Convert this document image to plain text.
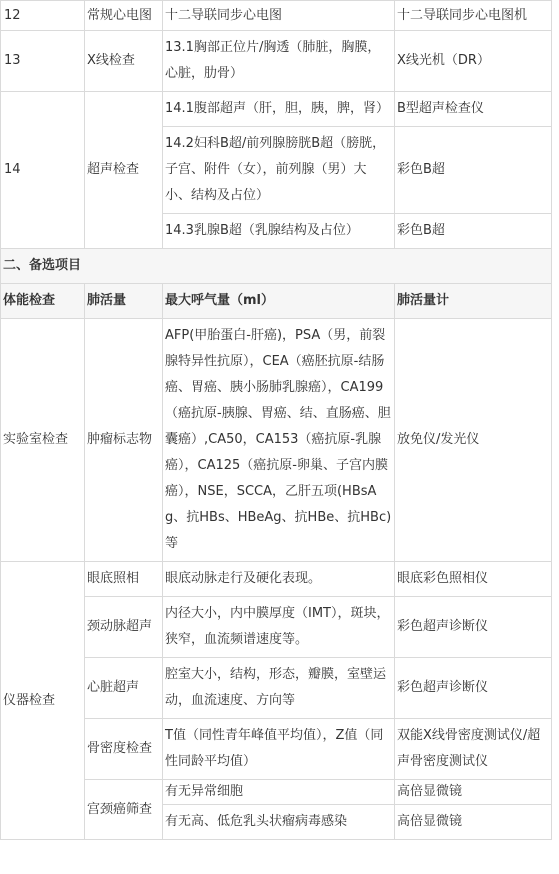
12	常规心电图	十二导联同步心电图	十二导联同步心电图机
13	X线检查	13.1胸部正位片/胸透（肺脏，胸膜，心脏，肋骨）	X线光机（DR）
14	超声检查	14.1腹部超声（肝，胆，胰，脾，肾）	B型超声检查仪
		14.2妇科B超/前列腺膀胱B超（膀胱，子宫、附件（女），前列腺（男）大小、结构及占位）	彩色B超
		14.3乳腺B超（乳腺结构及占位）	彩色B超
二、备选项目			
体能检查	肺活量	最大呼气量（ml）	肺活量计
实验室检查	肿瘤标志物	AFP(甲胎蛋白-肝癌)，PSA（男，前裂腺特异性抗原），CEA（癌胚抗原-结肠癌、胃癌、胰小肠肺乳腺癌），CA199（癌抗原-胰腺、胃癌、结、直肠癌、胆囊癌）,CA50，CA153（癌抗原-乳腺癌），CA125（癌抗原-卵巢、子宫内膜癌），NSE，SCCA，乙肝五项(HBsAg、抗HBs、HBeAg、抗HBe、抗HBc)等	放免仪/发光仪
仪器检查	眼底照相	眼底动脉走行及硬化表现。	眼底彩色照相仪
	颈动脉超声	内径大小，内中膜厚度（IMT），斑块，狭窄，血流频谱速度等。	彩色超声诊断仪
	心脏超声	腔室大小，结构，形态，瓣膜，室壁运动，血流速度、方向等	彩色超声诊断仪
	骨密度检查	T值（同性青年峰值平均值），Z值（同性同龄平均值）	双能X线骨密度测试仪/超声骨密度测试仪
	宫颈癌筛查	有无异常细胞	高倍显微镜
		有无高、低危乳头状瘤病毒感染	高倍显微镜
